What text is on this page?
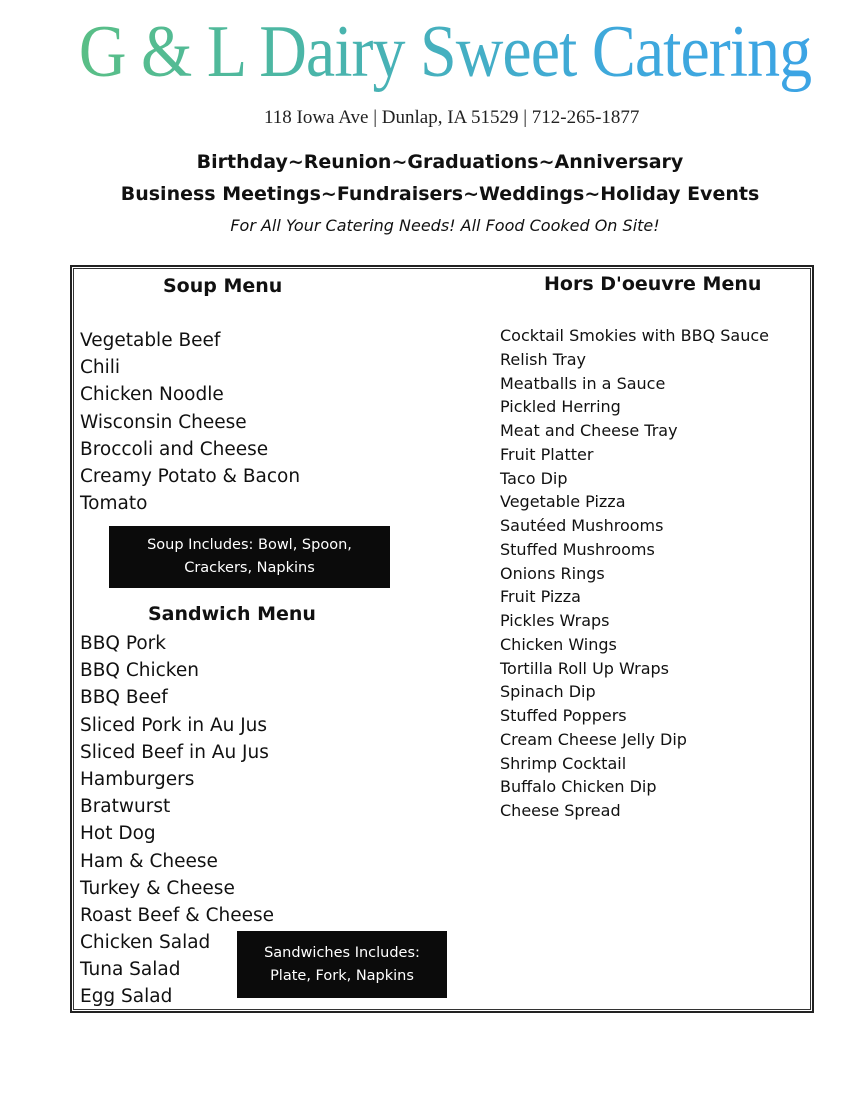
G & L Dairy Sweet Catering

118 Iowa Ave | Dunlap, IA 51529 | 712-265-1877

Birthday~Reunion~Graduations~Anniversary

Business Meetings~Fundraisers~Weddings~Holiday Events

For All Your Catering Needs! All Food Cooked On Site!

Soup Menu
Vegetable Beef
Chili
Chicken Noodle
Wisconsin Cheese
Broccoli and Cheese
Creamy Potato & Bacon
Tomato
Soup Includes: Bowl, Spoon,
Crackers, Napkins
Sandwich Menu
BBQ Pork
BBQ Chicken
BBQ Beef
Sliced Pork in Au Jus
Sliced Beef in Au Jus
Hamburgers
Bratwurst
Hot Dog
Ham & Cheese
Turkey & Cheese
Roast Beef & Cheese
Chicken Salad
Tuna Salad
Egg Salad
Sandwiches Includes:
Plate, Fork, Napkins
Hors D'oeuvre Menu
Cocktail Smokies with BBQ Sauce
Relish Tray
Meatballs in a Sauce
Pickled Herring
Meat and Cheese Tray
Fruit Platter
Taco Dip
Vegetable Pizza
Sautéed Mushrooms
Stuffed Mushrooms
Onions Rings
Fruit Pizza
Pickles Wraps
Chicken Wings
Tortilla Roll Up Wraps
Spinach Dip
Stuffed Poppers
Cream Cheese Jelly Dip
Shrimp Cocktail
Buffalo Chicken Dip
Cheese Spread
